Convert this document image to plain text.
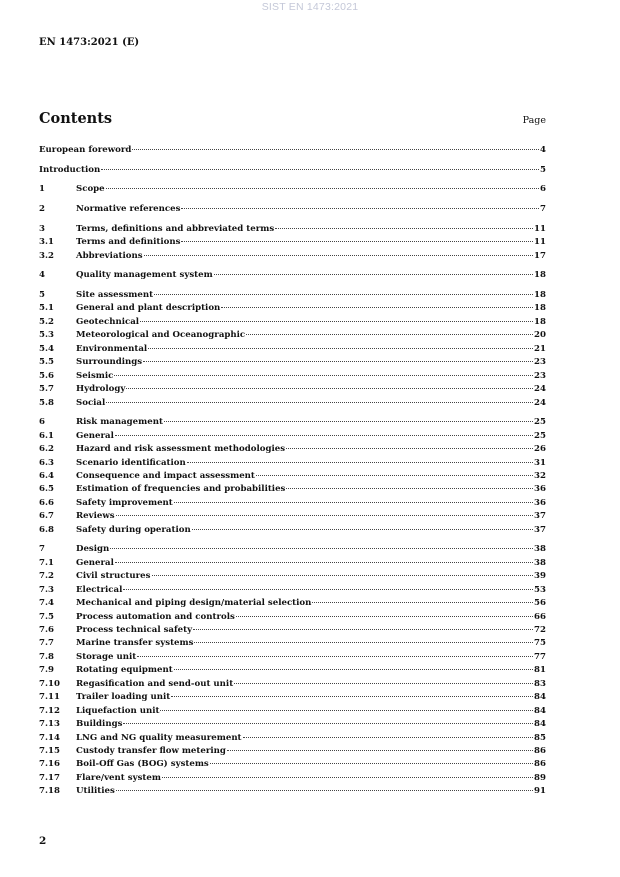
SIST EN 1473:2021
EN 1473:2021 (E)
Contents	Page
European foreword	4
Introduction	5
1	Scope	6
2	Normative references	7
3	Terms, definitions and abbreviated terms	11
3.1	Terms and definitions	11
3.2	Abbreviations	17
4	Quality management system	18
5	Site assessment	18
5.1	General and plant description	18
5.2	Geotechnical	18
5.3	Meteorological and Oceanographic	20
5.4	Environmental	21
5.5	Surroundings	23
5.6	Seismic	23
5.7	Hydrology	24
5.8	Social	24
6	Risk management	25
6.1	General	25
6.2	Hazard and risk assessment methodologies	26
6.3	Scenario identification	31
6.4	Consequence and impact assessment	32
6.5	Estimation of frequencies and probabilities	36
6.6	Safety improvement	36
6.7	Reviews	37
6.8	Safety during operation	37
7	Design	38
7.1	General	38
7.2	Civil structures	39
7.3	Electrical	53
7.4	Mechanical and piping design/material selection	56
7.5	Process automation and controls	66
7.6	Process technical safety	72
7.7	Marine transfer systems	75
7.8	Storage unit	77
7.9	Rotating equipment	81
7.10	Regasification and send-out unit	83
7.11	Trailer loading unit	84
7.12	Liquefaction unit	84
7.13	Buildings	84
7.14	LNG and NG quality measurement	85
7.15	Custody transfer flow metering	86
7.16	Boil-Off Gas (BOG) systems	86
7.17	Flare/vent system	89
7.18	Utilities	91
2
